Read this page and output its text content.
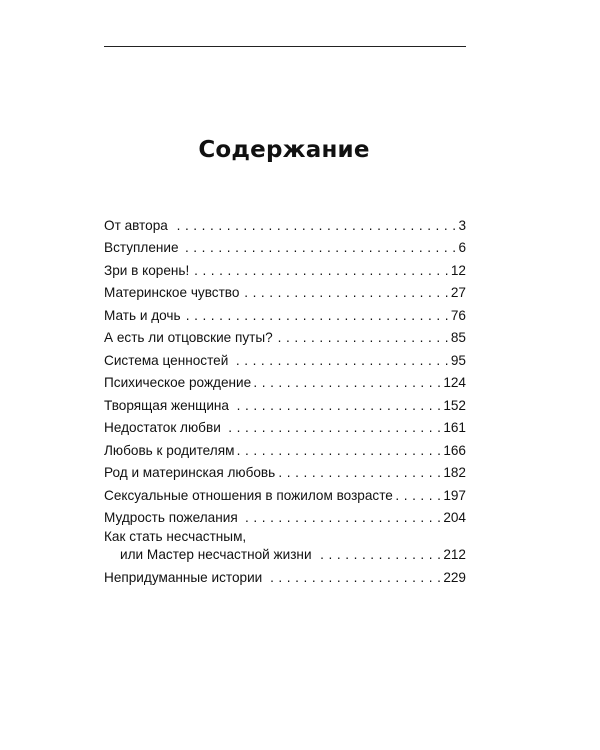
Содержание
От автора . . .	3
Вступление . . .	6
Зри в корень! . . .	12
Материнское чувство . . .	27
Мать и дочь . . .	76
А есть ли отцовские путы? . . .	85
Система ценностей . . .	95
Психическое рождение . . .	124
Творящая женщина . . .	152
Недостаток любви . . .	161
Любовь к родителям . . .	166
Род и материнская любовь . . .	182
Сексуальные отношения в пожилом возрасте . . .	197
Мудрость пожелания . . .	204
Как стать несчастным,
или Мастер несчастной жизни . . .	212
Непридуманные истории . . .	229
